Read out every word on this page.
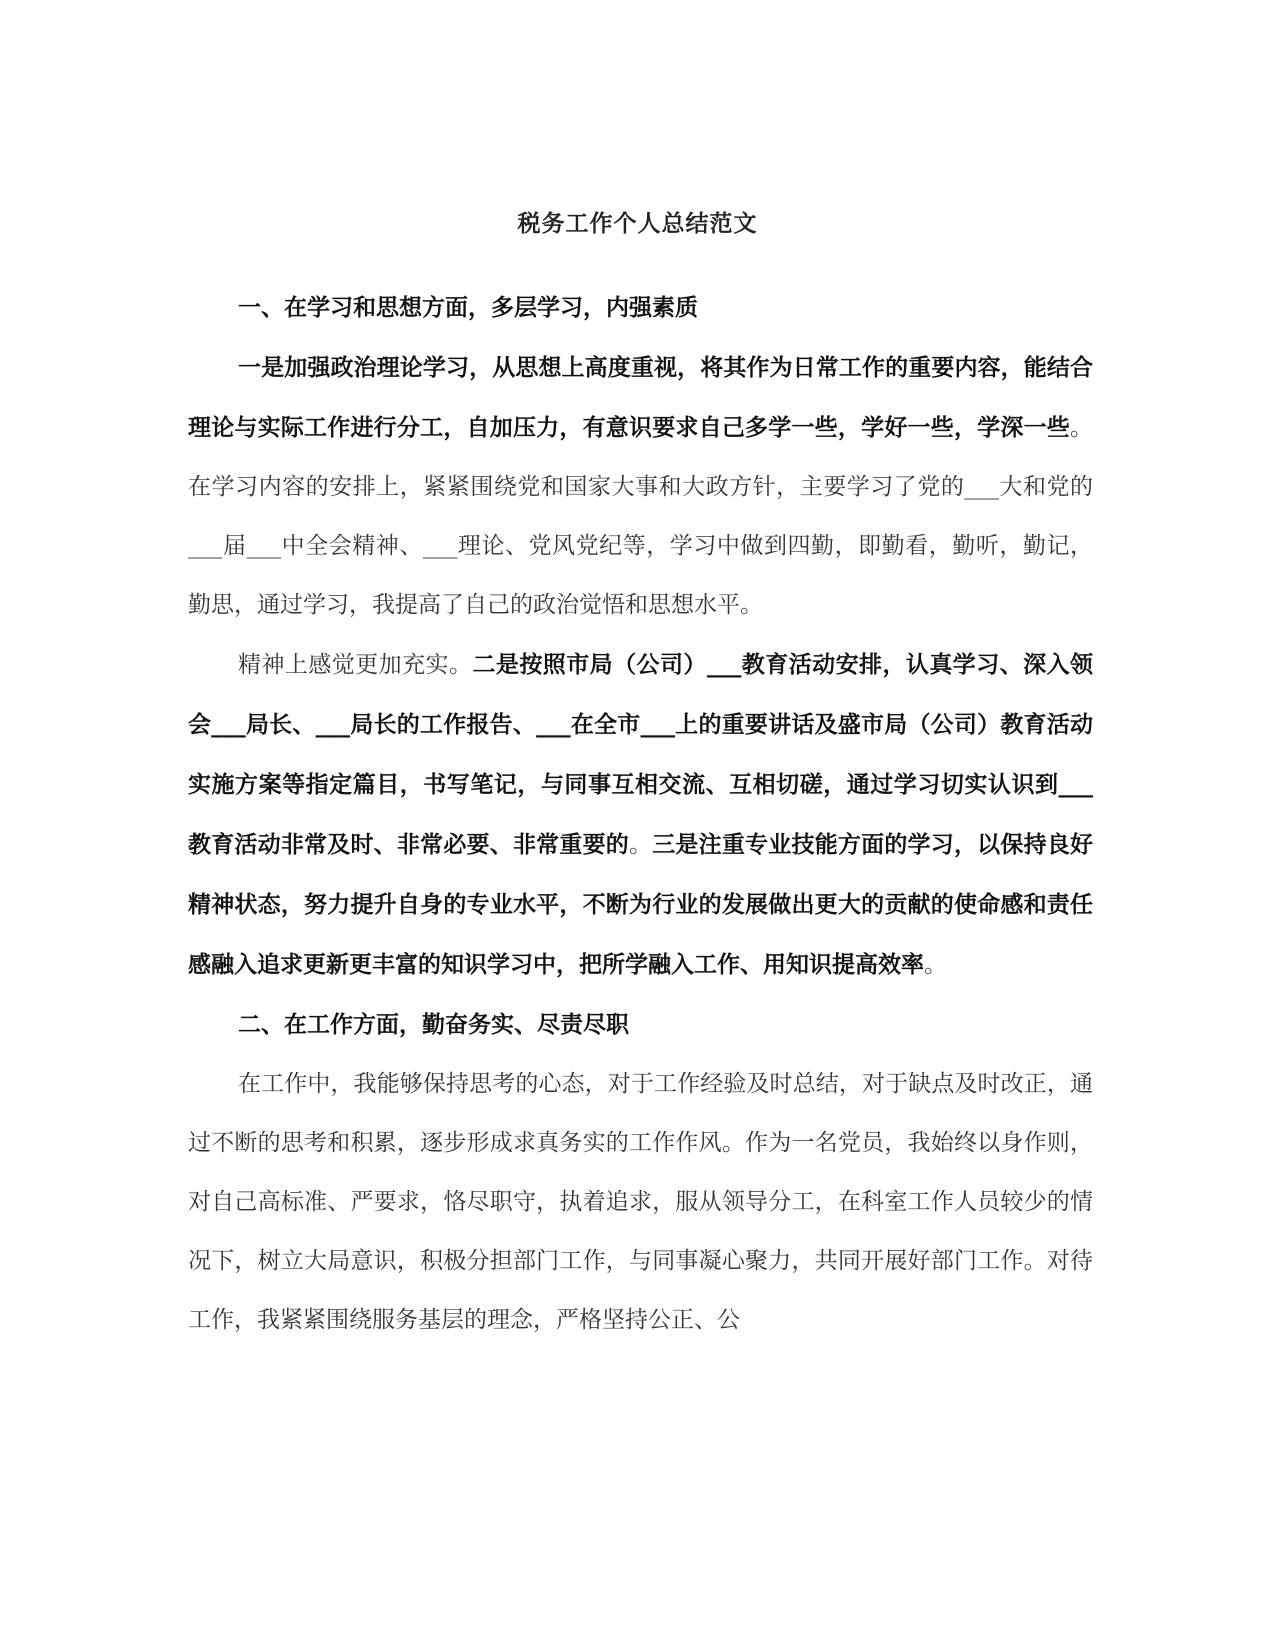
税务工作个人总结范文

一、在学习和思想方面，多层学习，内强素质

一是加强政治理论学习，从思想上高度重视，将其作为日常工作的重要内容，能结合理论与实际工作进行分工，自加压力，有意识要求自己多学一些，学好一些，学深一些。在学习内容的安排上，紧紧围绕党和国家大事和大政方针，主要学习了党的___大和党的___届___中全会精神、___理论、党风党纪等，学习中做到四勤，即勤看，勤听，勤记，勤思，通过学习，我提高了自己的政治觉悟和思想水平。

精神上感觉更加充实。二是按照市局（公司）___教育活动安排，认真学习、深入领会___局长、___局长的工作报告、___在全市___上的重要讲话及盛市局（公司）教育活动实施方案等指定篇目，书写笔记，与同事互相交流、互相切磋，通过学习切实认识到___教育活动非常及时、非常必要、非常重要的。三是注重专业技能方面的学习，以保持良好精神状态，努力提升自身的专业水平，不断为行业的发展做出更大的贡献的使命感和责任感融入追求更新更丰富的知识学习中，把所学融入工作、用知识提高效率。

二、在工作方面，勤奋务实、尽责尽职

在工作中，我能够保持思考的心态，对于工作经验及时总结，对于缺点及时改正，通过不断的思考和积累，逐步形成求真务实的工作作风。作为一名党员，我始终以身作则，对自己高标准、严要求，恪尽职守，执着追求，服从领导分工，在科室工作人员较少的情况下，树立大局意识，积极分担部门工作，与同事凝心聚力，共同开展好部门工作。对待工作，我紧紧围绕服务基层的理念，严格坚持公正、公
